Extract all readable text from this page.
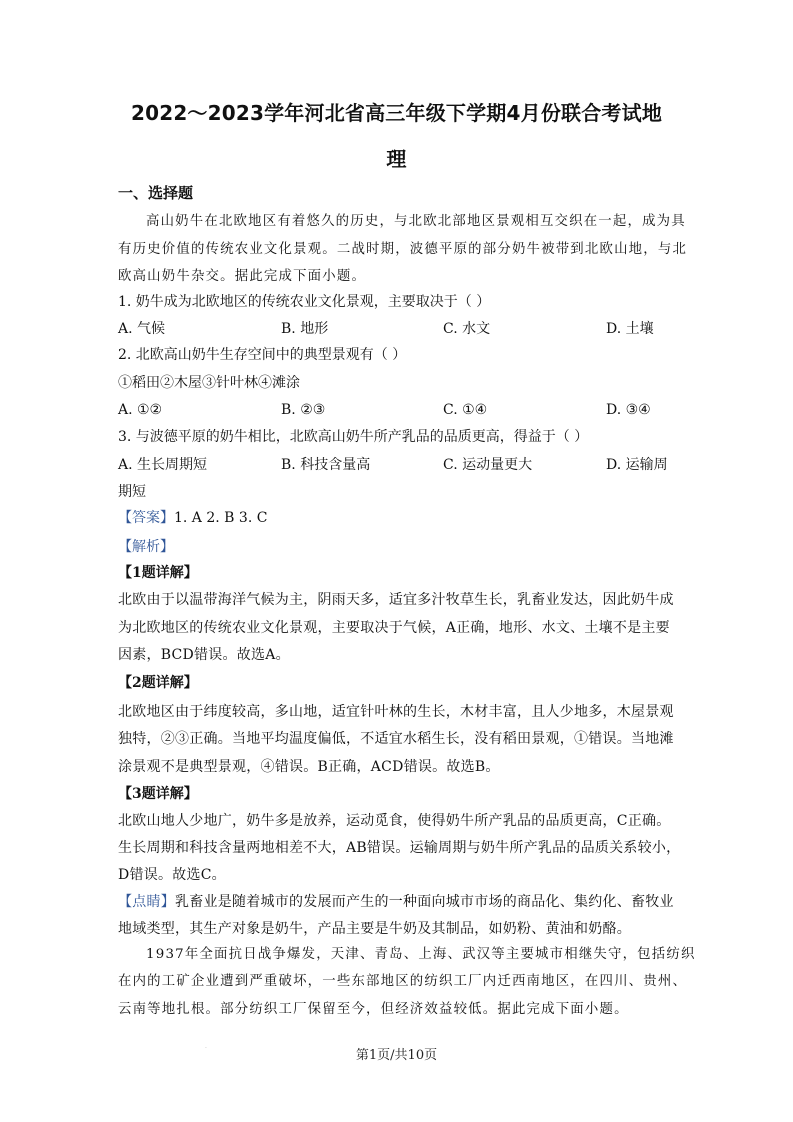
2022～2023学年河北省高三年级下学期4月份联合考试地
理

一、选择题

高山奶牛在北欧地区有着悠久的历史，与北欧北部地区景观相互交织在一起，成为具

有历史价值的传统农业文化景观。二战时期，波德平原的部分奶牛被带到北欧山地，与北

欧高山奶牛杂交。据此完成下面小题。

1. 奶牛成为北欧地区的传统农业文化景观，主要取决于（ ）

A. 气候	B. 地形	C. 水文	D. 土壤

2. 北欧高山奶牛生存空间中的典型景观有（ ）

①稻田②木屋③针叶林④滩涂

A. ①②	B. ②③	C. ①④	D. ③④

3. 与波德平原的奶牛相比，北欧高山奶牛所产乳品的品质更高，得益于（ ）

A. 生长周期短	B. 科技含量高	C. 运动量更大	D. 运输周

期短

【答案】1. A 2. B 3. C

【解析】

【1题详解】

北欧由于以温带海洋气候为主，阴雨天多，适宜多汁牧草生长，乳畜业发达，因此奶牛成

为北欧地区的传统农业文化景观，主要取决于气候，A正确，地形、水文、土壤不是主要

因素，BCD错误。故选A。

【2题详解】

北欧地区由于纬度较高，多山地，适宜针叶林的生长，木材丰富，且人少地多，木屋景观

独特，②③正确。当地平均温度偏低，不适宜水稻生长，没有稻田景观，①错误。当地滩

涂景观不是典型景观，④错误。B正确，ACD错误。故选B。

【3题详解】

北欧山地人少地广，奶牛多是放养，运动觅食，使得奶牛所产乳品的品质更高，C正确。

生长周期和科技含量两地相差不大，AB错误。运输周期与奶牛所产乳品的品质关系较小，

D错误。故选C。

【点睛】乳畜业是随着城市的发展而产生的一种面向城市市场的商品化、集约化、畜牧业

地域类型，其生产对象是奶牛，产品主要是牛奶及其制品，如奶粉、黄油和奶酪。

1937年全面抗日战争爆发，天津、青岛、上海、武汉等主要城市相继失守，包括纺织

在内的工矿企业遭到严重破坏，一些东部地区的纺织工厂内迁西南地区，在四川、贵州、

云南等地扎根。部分纺织工厂保留至今，但经济效益较低。据此完成下面小题。

·	第1页/共10页
